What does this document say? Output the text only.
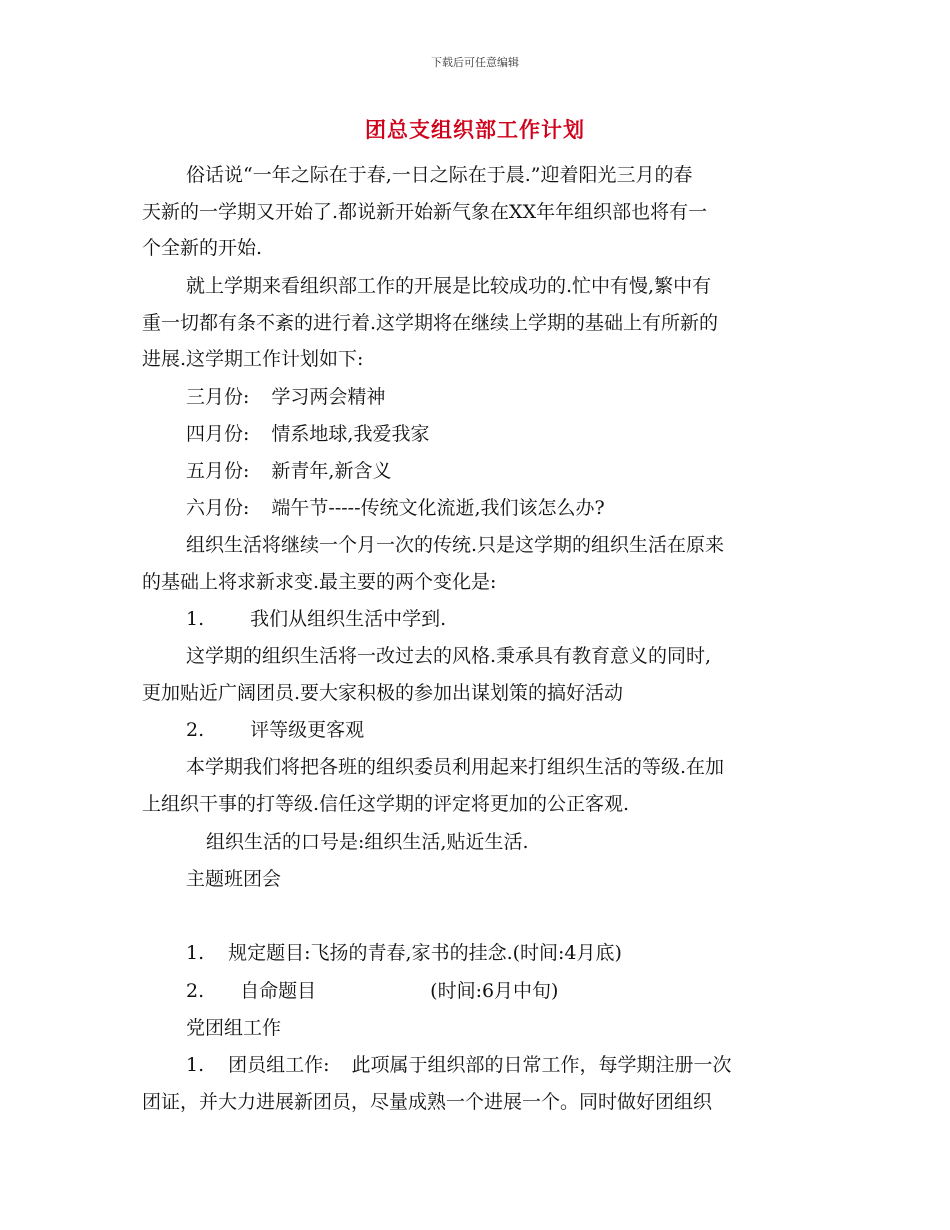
下载后可任意编辑
团总支组织部工作计划
俗话说“一年之际在于春,一日之际在于晨.”迎着阳光三月的春
天新的一学期又开始了.都说新开始新气象在XX年年组织部也将有一
个全新的开始.
就上学期来看组织部工作的开展是比较成功的.忙中有慢,繁中有
重一切都有条不紊的进行着.这学期将在继续上学期的基础上有所新的
进展.这学期工作计划如下:
三月份: 学习两会精神
四月份: 情系地球,我爱我家
五月份: 新青年,新含义
六月份: 端午节-----传统文化流逝,我们该怎么办?
组织生活将继续一个月一次的传统.只是这学期的组织生活在原来
的基础上将求新求变.最主要的两个变化是:
1. 我们从组织生活中学到.
这学期的组织生活将一改过去的风格.秉承具有教育意义的同时,
更加贴近广阔团员.要大家积极的参加出谋划策的搞好活动
2. 评等级更客观
本学期我们将把各班的组织委员利用起来打组织生活的等级.在加
上组织干事的打等级.信任这学期的评定将更加的公正客观.
组织生活的口号是:组织生活,贴近生活.
主题班团会
1. 规定题目:飞扬的青春,家书的挂念.(时间:4月底)
2. 自命题目	(时间:6月中旬)
党团组工作
1. 团员组工作: 此项属于组织部的日常工作，每学期注册一次
团证，并大力进展新团员，尽量成熟一个进展一个。同时做好团组织
